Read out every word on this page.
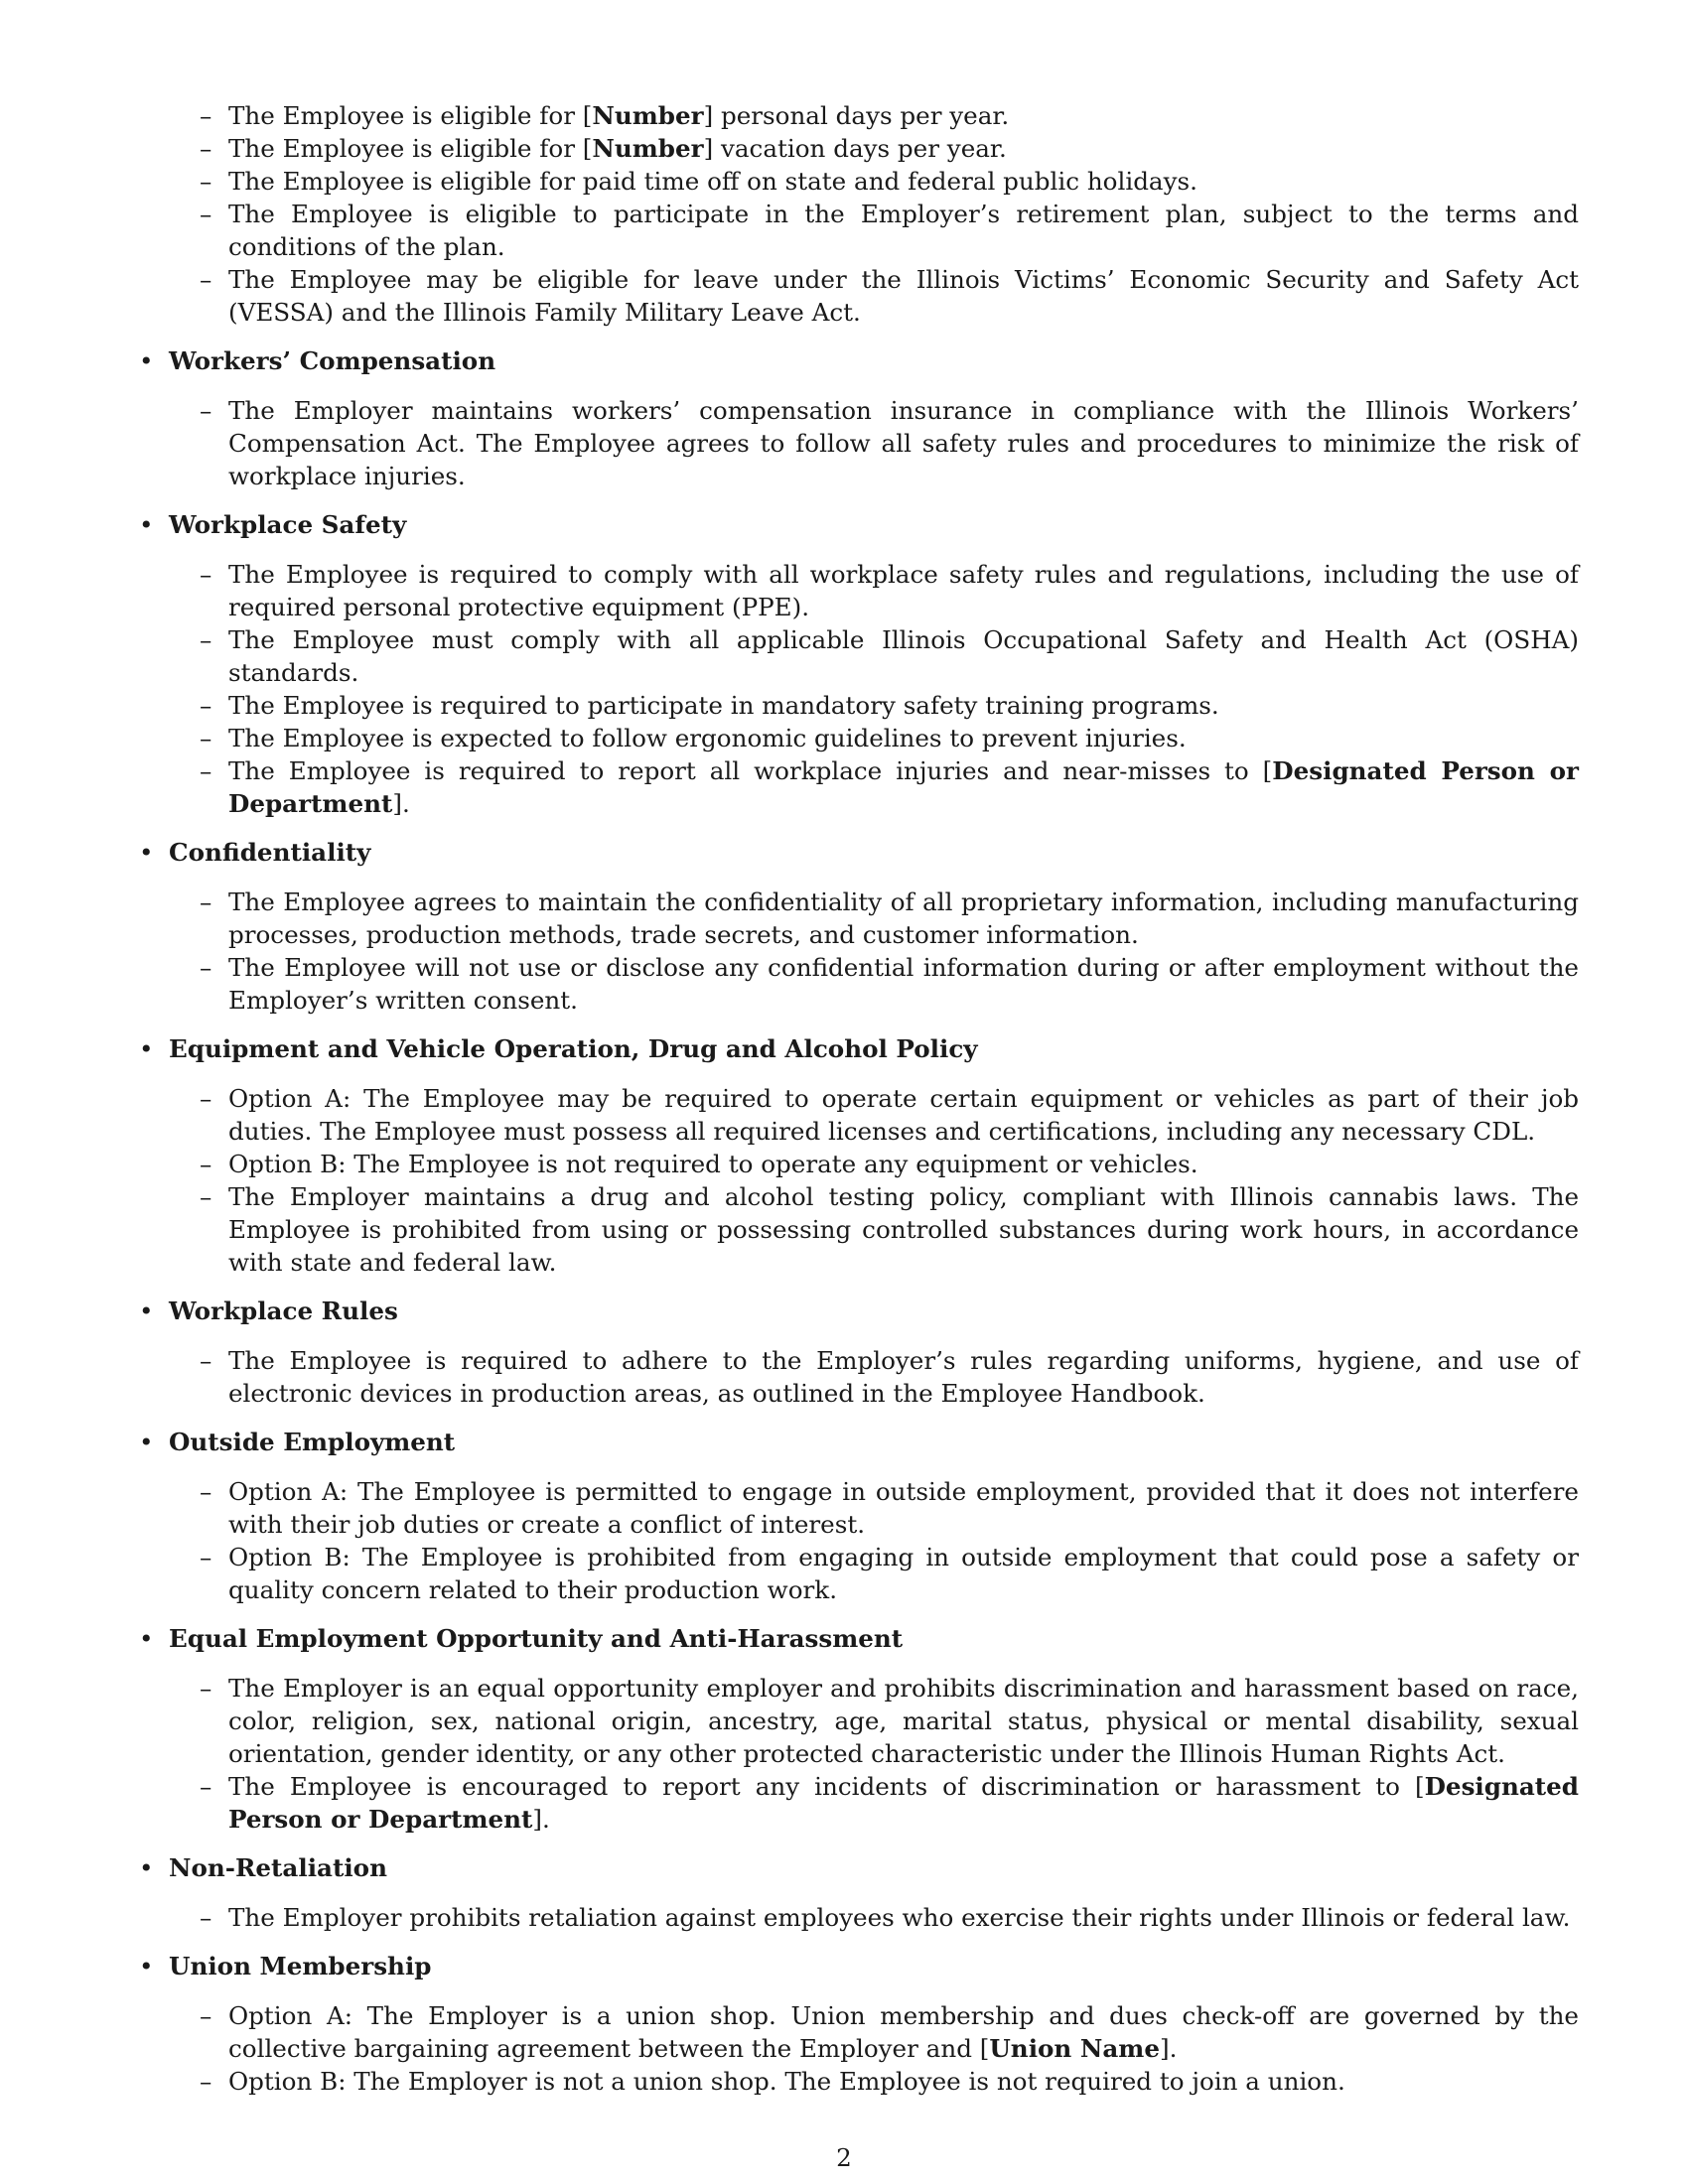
– The Employee is eligible for [Number] personal days per year.
– The Employee is eligible for [Number] vacation days per year.
– The Employee is eligible for paid time off on state and federal public holidays.
– The Employee is eligible to participate in the Employer’s retirement plan, subject to the terms and conditions of the plan.
– The Employee may be eligible for leave under the Illinois Victims’ Economic Security and Safety Act (VESSA) and the Illinois Family Military Leave Act.
• Workers’ Compensation
– The Employer maintains workers’ compensation insurance in compliance with the Illinois Workers’ Compensation Act. The Employee agrees to follow all safety rules and procedures to minimize the risk of workplace injuries.
• Workplace Safety
– The Employee is required to comply with all workplace safety rules and regulations, including the use of required personal protective equipment (PPE).
– The Employee must comply with all applicable Illinois Occupational Safety and Health Act (OSHA) standards.
– The Employee is required to participate in mandatory safety training programs.
– The Employee is expected to follow ergonomic guidelines to prevent injuries.
– The Employee is required to report all workplace injuries and near-misses to [Designated Person or Department].
• Confidentiality
– The Employee agrees to maintain the confidentiality of all proprietary information, including manufacturing processes, production methods, trade secrets, and customer information.
– The Employee will not use or disclose any confidential information during or after employment without the Employer’s written consent.
• Equipment and Vehicle Operation, Drug and Alcohol Policy
– Option A: The Employee may be required to operate certain equipment or vehicles as part of their job duties. The Employee must possess all required licenses and certifications, including any necessary CDL.
– Option B: The Employee is not required to operate any equipment or vehicles.
– The Employer maintains a drug and alcohol testing policy, compliant with Illinois cannabis laws. The Employee is prohibited from using or possessing controlled substances during work hours, in accordance with state and federal law.
• Workplace Rules
– The Employee is required to adhere to the Employer’s rules regarding uniforms, hygiene, and use of electronic devices in production areas, as outlined in the Employee Handbook.
• Outside Employment
– Option A: The Employee is permitted to engage in outside employment, provided that it does not interfere with their job duties or create a conflict of interest.
– Option B: The Employee is prohibited from engaging in outside employment that could pose a safety or quality concern related to their production work.
• Equal Employment Opportunity and Anti-Harassment
– The Employer is an equal opportunity employer and prohibits discrimination and harassment based on race, color, religion, sex, national origin, ancestry, age, marital status, physical or mental disability, sexual orientation, gender identity, or any other protected characteristic under the Illinois Human Rights Act.
– The Employee is encouraged to report any incidents of discrimination or harassment to [Designated Person or Department].
• Non-Retaliation
– The Employer prohibits retaliation against employees who exercise their rights under Illinois or federal law.
• Union Membership
– Option A: The Employer is a union shop. Union membership and dues check-off are governed by the collective bargaining agreement between the Employer and [Union Name].
– Option B: The Employer is not a union shop. The Employee is not required to join a union.
2
